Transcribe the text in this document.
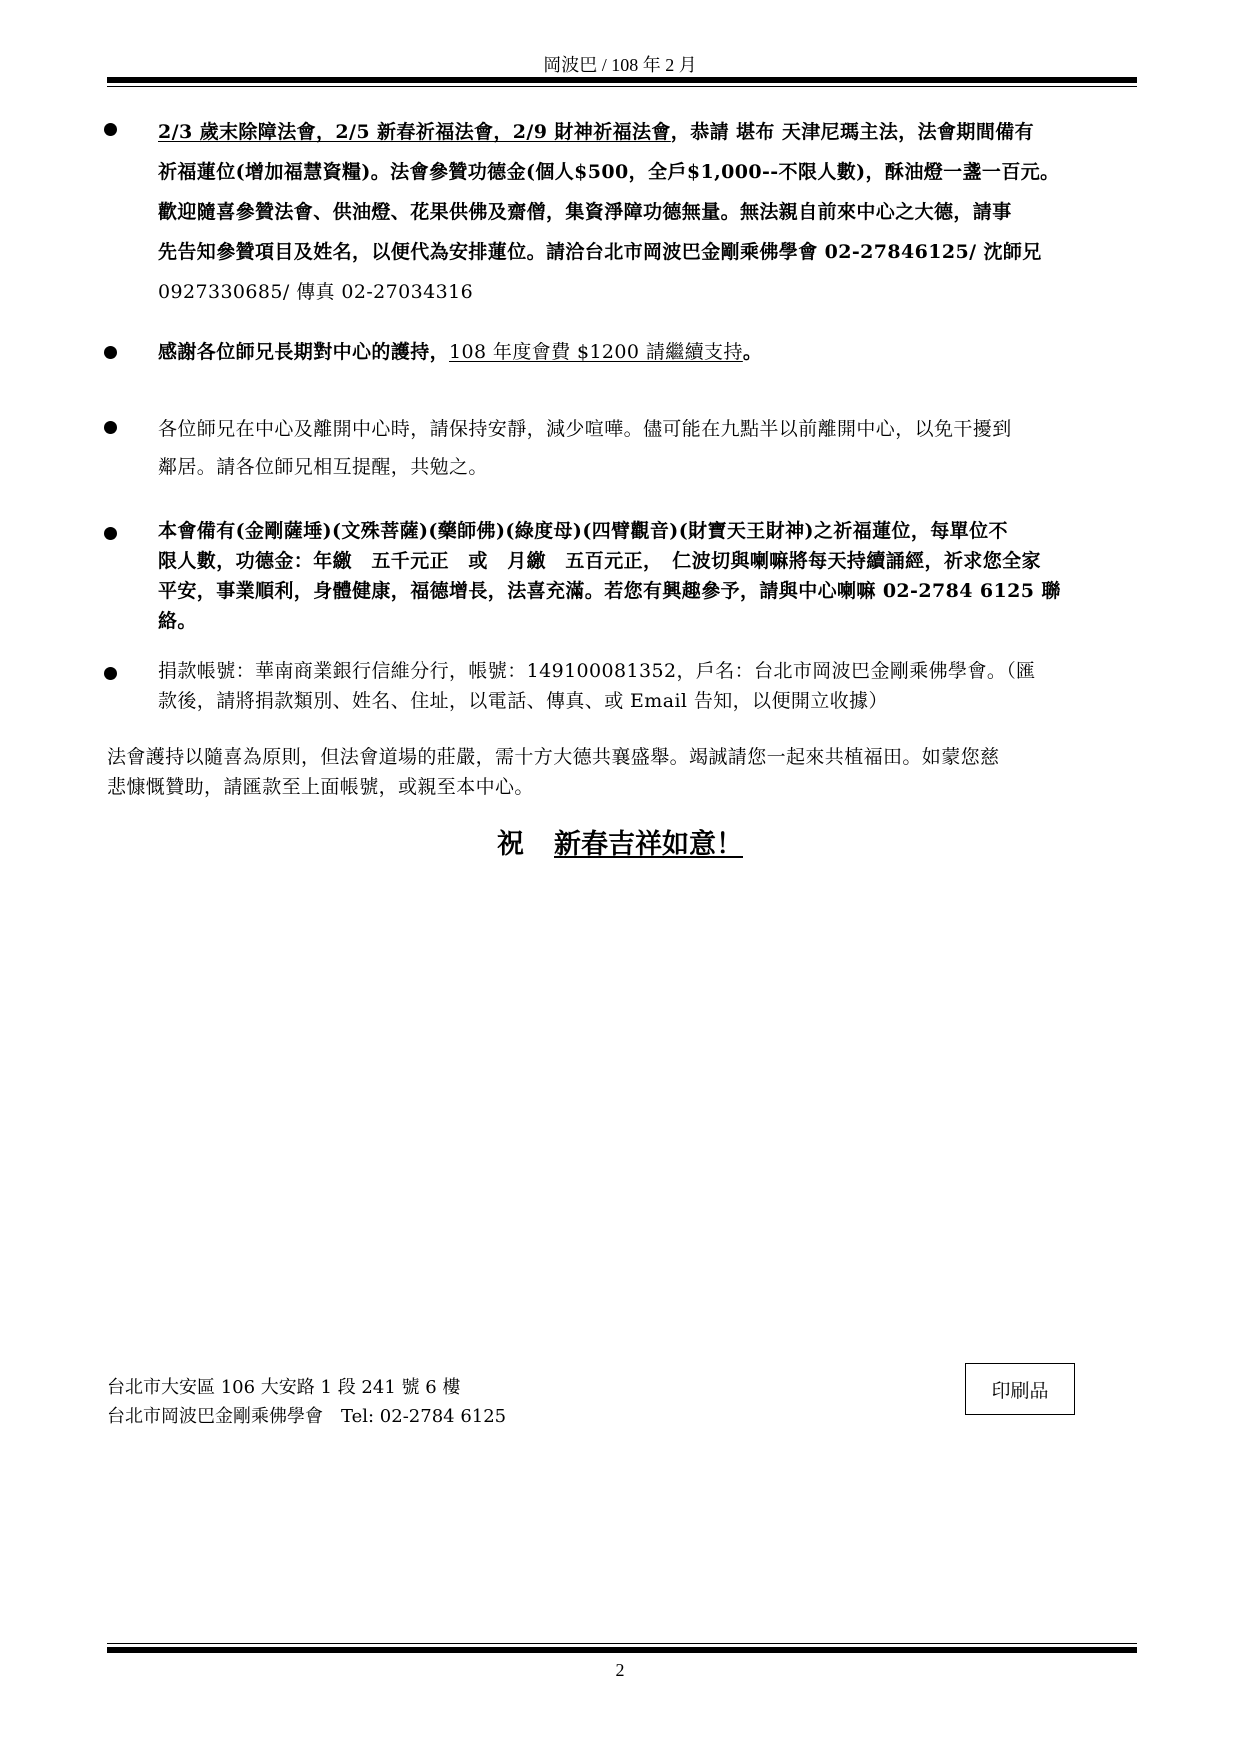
岡波巴 / 108 年 2 月

2/3 歲末除障法會，2/5 新春祈福法會，2/9 財神祈福法會，恭請 堪布 天津尼瑪主法，法會期間備有

祈福蓮位(增加福慧資糧)。法會參贊功德金(個人$500，全戶$1,000--不限人數)，酥油燈一盞一百元。

歡迎隨喜參贊法會、供油燈、花果供佛及齋僧，集資淨障功德無量。無法親自前來中心之大德，請事

先告知參贊項目及姓名，以便代為安排蓮位。請洽台北市岡波巴金剛乘佛學會 02-27846125/ 沈師兄

0927330685/ 傳真 02-27034316

感謝各位師兄長期對中心的護持，108 年度會費 $1200 請繼續支持。

各位師兄在中心及離開中心時，請保持安靜，減少喧嘩。儘可能在九點半以前離開中心，以免干擾到

鄰居。請各位師兄相互提醒，共勉之。

本會備有(金剛薩埵)(文殊菩薩)(藥師佛)(綠度母)(四臂觀音)(財寶天王財神)之祈福蓮位，每單位不

限人數，功德金：年繳　五千元正　或　月繳　五百元正，　仁波切與喇嘛將每天持續誦經，祈求您全家

平安，事業順利，身體健康，福德增長，法喜充滿。若您有興趣參予，請與中心喇嘛 02-2784 6125 聯

絡。

捐款帳號：華南商業銀行信維分行，帳號：149100081352，戶名：台北市岡波巴金剛乘佛學會。（匯

款後，請將捐款類別、姓名、住址，以電話、傳真、或 Email 告知，以便開立收據）

法會護持以隨喜為原則，但法會道場的莊嚴，需十方大德共襄盛舉。竭誠請您一起來共植福田。如蒙您慈

悲慷慨贊助，請匯款至上面帳號，或親至本中心。

祝 新春吉祥如意！

台北市大安區 106 大安路 1 段 241 號 6 樓

台北市岡波巴金剛乘佛學會　Tel: 02-2784 6125

印刷品
2
